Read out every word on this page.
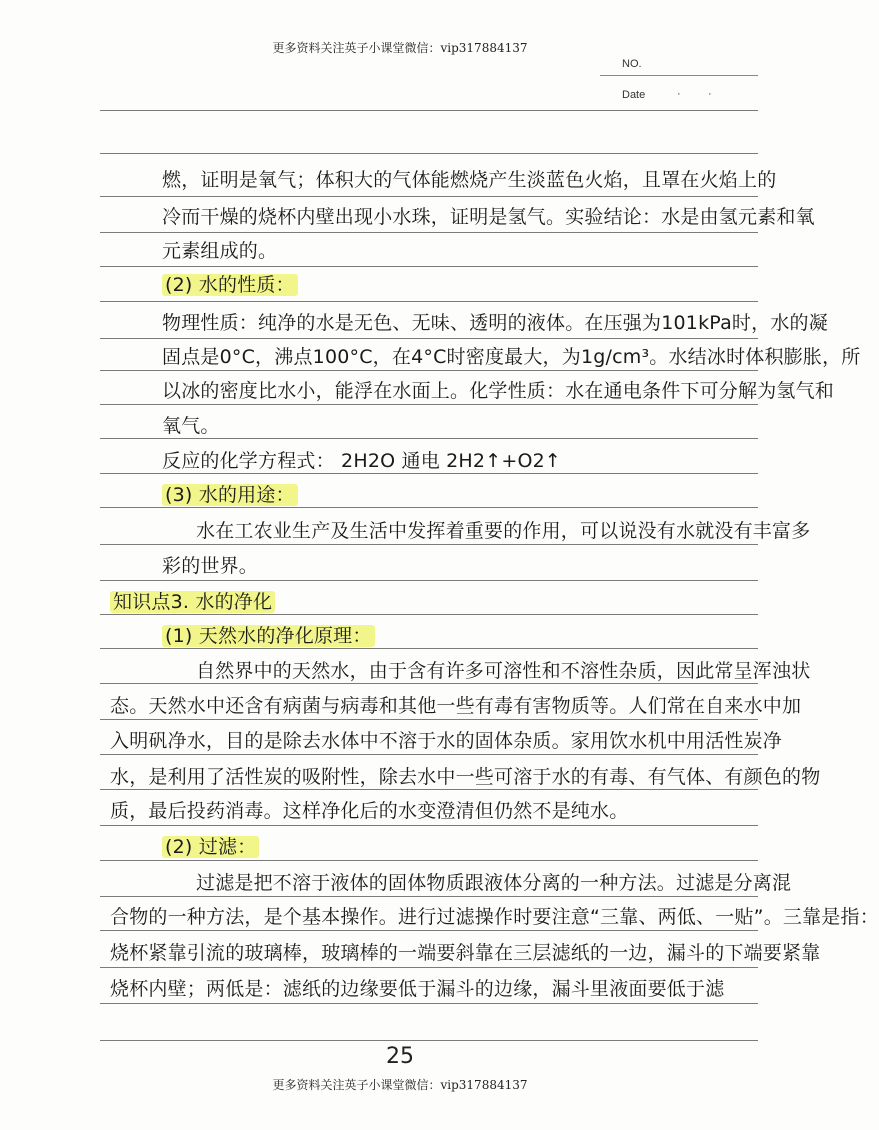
更多资料关注英子小课堂微信：vip317884137
NO.
Date	· ·
燃，证明是氧气；体积大的气体能燃烧产生淡蓝色火焰，且罩在火焰上的
冷而干燥的烧杯内壁出现小水珠，证明是氢气。实验结论：水是由氢元素和氧
元素组成的。
(2) 水的性质：
物理性质：纯净的水是无色、无味、透明的液体。在压强为101kPa时，水的凝
固点是0°C，沸点100°C，在4°C时密度最大，为1g/cm³。水结冰时体积膨胀，所
以冰的密度比水小，能浮在水面上。化学性质：水在通电条件下可分解为氢气和
氧气。
反应的化学方程式： 2H2O 通电 2H2↑+O2↑
(3) 水的用途：
水在工农业生产及生活中发挥着重要的作用，可以说没有水就没有丰富多
彩的世界。
知识点3. 水的净化
(1) 天然水的净化原理：
自然界中的天然水，由于含有许多可溶性和不溶性杂质，因此常呈浑浊状
态。天然水中还含有病菌与病毒和其他一些有毒有害物质等。人们常在自来水中加
入明矾净水，目的是除去水体中不溶于水的固体杂质。家用饮水机中用活性炭净
水，是利用了活性炭的吸附性，除去水中一些可溶于水的有毒、有气体、有颜色的物
质，最后投药消毒。这样净化后的水变澄清但仍然不是纯水。
(2) 过滤：
过滤是把不溶于液体的固体物质跟液体分离的一种方法。过滤是分离混
合物的一种方法，是个基本操作。进行过滤操作时要注意“三靠、两低、一贴”。三靠是指：
烧杯紧靠引流的玻璃棒，玻璃棒的一端要斜靠在三层滤纸的一边，漏斗的下端要紧靠
烧杯内壁；两低是：滤纸的边缘要低于漏斗的边缘，漏斗里液面要低于滤
25
更多资料关注英子小课堂微信：vip317884137
